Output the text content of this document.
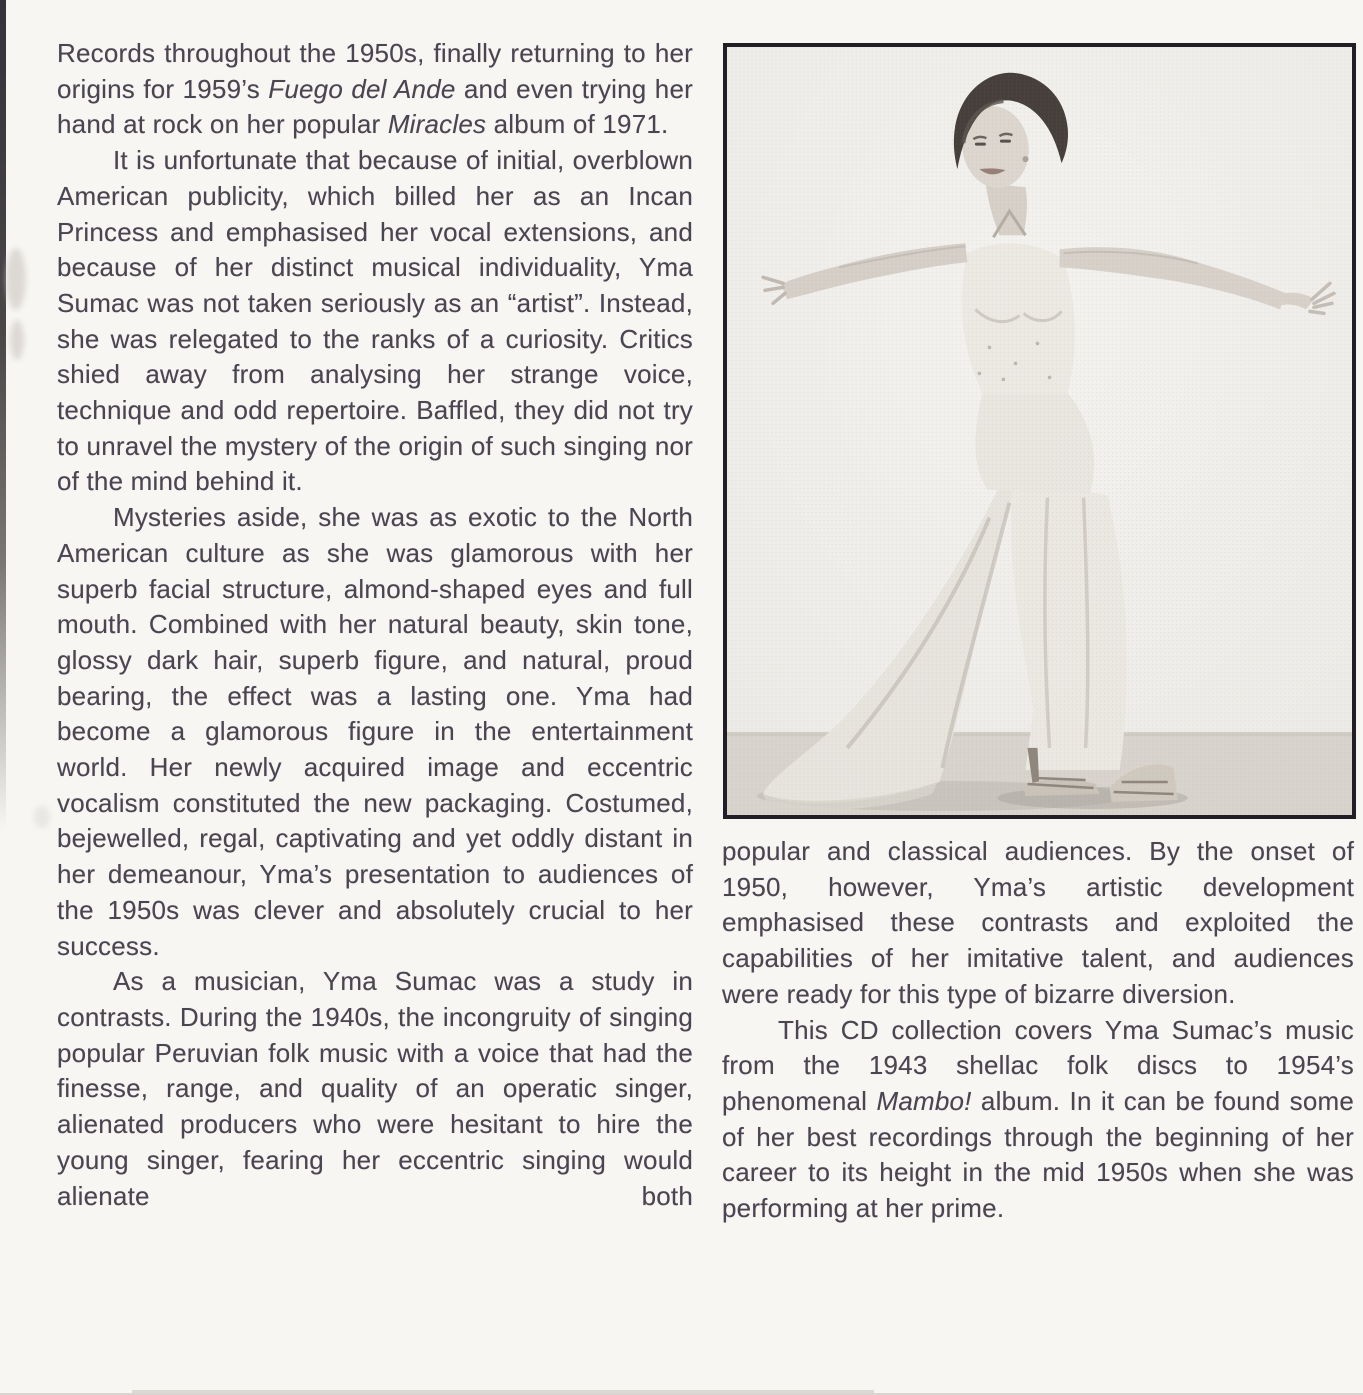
Records throughout the 1950s, finally returning to her origins for 1959’s Fuego del Ande and even trying her hand at rock on her popular Miracles album of 1971.

It is unfortunate that because of initial, overblown American publicity, which billed her as an Incan Princess and emphasised her vocal extensions, and because of her distinct musical individuality, Yma Sumac was not taken seriously as an “artist”. Instead, she was relegated to the ranks of a curiosity. Critics shied away from analysing her strange voice, technique and odd repertoire. Baffled, they did not try to unravel the mystery of the origin of such singing nor of the mind behind it.

Mysteries aside, she was as exotic to the North American culture as she was glamorous with her superb facial structure, almond-shaped eyes and full mouth. Combined with her natural beauty, skin tone, glossy dark hair, superb figure, and natural, proud bearing, the effect was a lasting one. Yma had become a glamorous figure in the entertainment world. Her newly acquired image and eccentric vocalism constituted the new packaging. Costumed, bejewelled, regal, captivating and yet oddly distant in her demeanour, Yma’s presentation to audiences of the 1950s was clever and absolutely crucial to her success.

As a musician, Yma Sumac was a study in contrasts. During the 1940s, the incongruity of singing popular Peruvian folk music with a voice that had the finesse, range, and quality of an operatic singer, alienated producers who were hesitant to hire the young singer, fearing her eccentric singing would alienate both

popular and classical audiences. By the onset of 1950, however, Yma’s artistic development emphasised these contrasts and exploited the capabilities of her imitative talent, and audiences were ready for this type of bizarre diversion.

This CD collection covers Yma Sumac’s music from the 1943 shellac folk discs to 1954’s phenomenal Mambo! album. In it can be found some of her best recordings through the beginning of her career to its height in the mid 1950s when she was performing at her prime.
